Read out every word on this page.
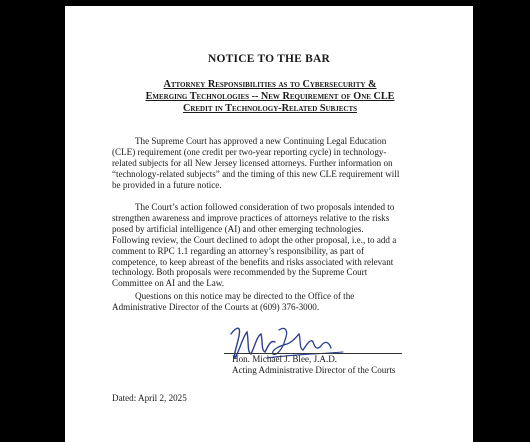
NOTICE TO THE BAR
Attorney Responsibilities as to Cybersecurity &
Emerging Technologies -- New Requirement of One CLE
Credit in Technology-Related Subjects
The Supreme Court has approved a new Continuing Legal Education
(CLE) requirement (one credit per two-year reporting cycle) in technology-
related subjects for all New Jersey licensed attorneys. Further information on
“technology-related subjects” and the timing of this new CLE requirement will
be provided in a future notice.
The Court’s action followed consideration of two proposals intended to
strengthen awareness and improve practices of attorneys relative to the risks
posed by artificial intelligence (AI) and other emerging technologies.
Following review, the Court declined to adopt the other proposal, i.e., to add a
comment to RPC 1.1 regarding an attorney’s responsibility, as part of
competence, to keep abreast of the benefits and risks associated with relevant
technology. Both proposals were recommended by the Supreme Court
Committee on AI and the Law.
Questions on this notice may be directed to the Office of the
Administrative Director of the Courts at (609) 376-3000.
Hon. Michael J. Blee, J.A.D.
Acting Administrative Director of the Courts
Dated: April 2, 2025
